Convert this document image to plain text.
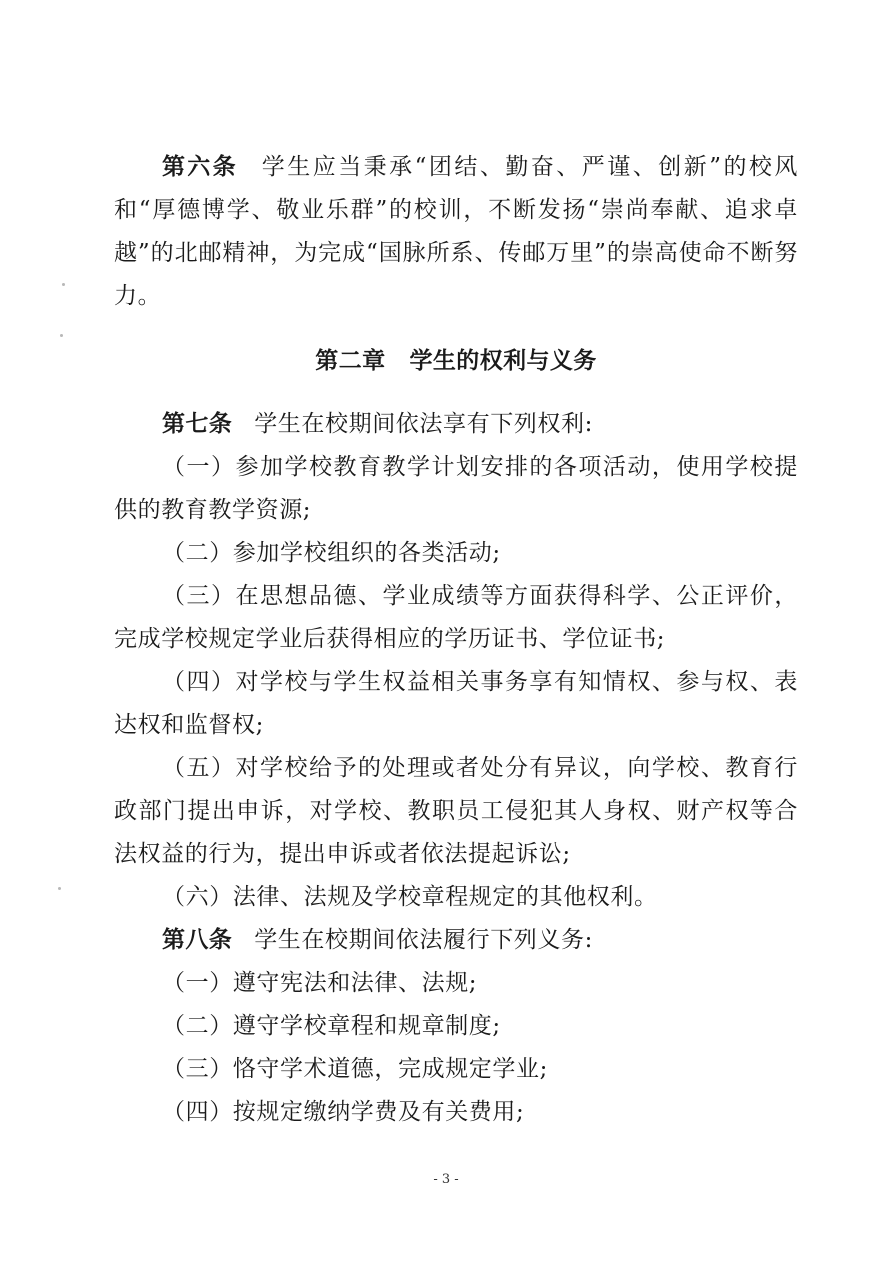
第六条 学生应当秉承“团结、勤奋、严谨、创新”的校风和“厚德博学、敬业乐群”的校训，不断发扬“崇尚奉献、追求卓越”的北邮精神，为完成“国脉所系、传邮万里”的崇高使命不断努力。

第二章 学生的权利与义务

第七条 学生在校期间依法享有下列权利:

（一）参加学校教育教学计划安排的各项活动，使用学校提供的教育教学资源;

（二）参加学校组织的各类活动;

（三）在思想品德、学业成绩等方面获得科学、公正评价，完成学校规定学业后获得相应的学历证书、学位证书;

（四）对学校与学生权益相关事务享有知情权、参与权、表达权和监督权;

（五）对学校给予的处理或者处分有异议，向学校、教育行政部门提出申诉，对学校、教职员工侵犯其人身权、财产权等合法权益的行为，提出申诉或者依法提起诉讼;

（六）法律、法规及学校章程规定的其他权利。

第八条 学生在校期间依法履行下列义务:

（一）遵守宪法和法律、法规;

（二）遵守学校章程和规章制度;

（三）恪守学术道德，完成规定学业;

（四）按规定缴纳学费及有关费用;

- 3 -
